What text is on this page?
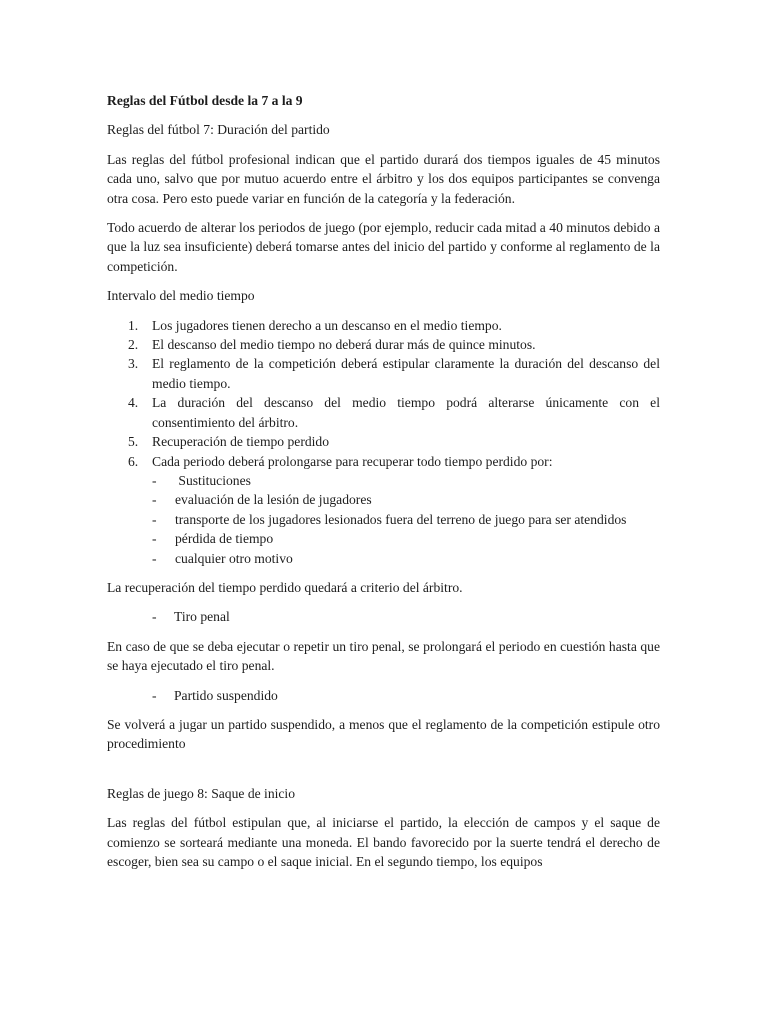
Reglas del Fútbol desde la 7 a la 9
Reglas del fútbol 7: Duración del partido
Las reglas del fútbol profesional indican que el partido durará dos tiempos iguales de 45 minutos cada uno, salvo que por mutuo acuerdo entre el árbitro y los dos equipos participantes se convenga otra cosa. Pero esto puede variar en función de la categoría y la federación.
Todo acuerdo de alterar los periodos de juego (por ejemplo, reducir cada mitad a 40 minutos debido a que la luz sea insuficiente) deberá tomarse antes del inicio del partido y conforme al reglamento de la competición.
Intervalo del medio tiempo
1. Los jugadores tienen derecho a un descanso en el medio tiempo.
2. El descanso del medio tiempo no deberá durar más de quince minutos.
3. El reglamento de la competición deberá estipular claramente la duración del descanso del medio tiempo.
4. La duración del descanso del medio tiempo podrá alterarse únicamente con el consentimiento del árbitro.
5. Recuperación de tiempo perdido
6. Cada periodo deberá prolongarse para recuperar todo tiempo perdido por:
- Sustituciones
- evaluación de la lesión de jugadores
- transporte de los jugadores lesionados fuera del terreno de juego para ser atendidos
- pérdida de tiempo
- cualquier otro motivo
La recuperación del tiempo perdido quedará a criterio del árbitro.
- Tiro penal
En caso de que se deba ejecutar o repetir un tiro penal, se prolongará el periodo en cuestión hasta que se haya ejecutado el tiro penal.
- Partido suspendido
Se volverá a jugar un partido suspendido, a menos que el reglamento de la competición estipule otro procedimiento
Reglas de juego 8: Saque de inicio
Las reglas del fútbol estipulan que, al iniciarse el partido, la elección de campos y el saque de comienzo se sorteará mediante una moneda. El bando favorecido por la suerte tendrá el derecho de escoger, bien sea su campo o el saque inicial. En el segundo tiempo, los equipos
